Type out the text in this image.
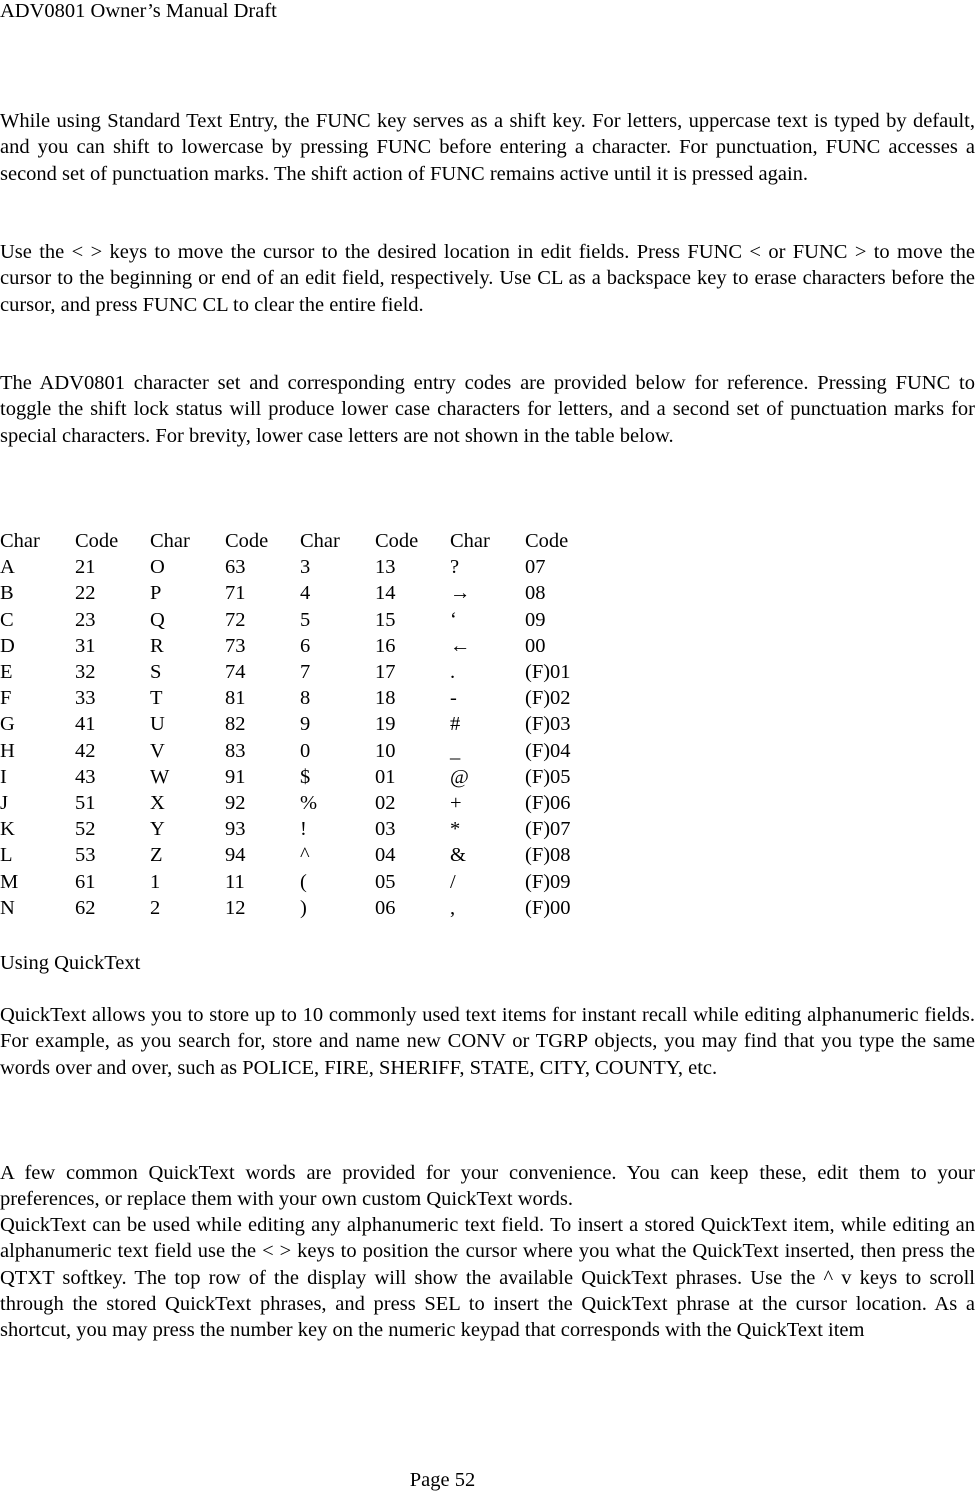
ADV0801 Owner’s Manual Draft

While using Standard Text Entry, the FUNC key serves as a shift key. For letters, uppercase text is typed by default, and you can shift to lowercase by pressing FUNC before entering a character. For punctuation, FUNC accesses a second set of punctuation marks. The shift action of FUNC remains active until it is pressed again.

Use the < > keys to move the cursor to the desired location in edit fields. Press FUNC < or FUNC > to move the cursor to the beginning or end of an edit field, respectively. Use CL as a backspace key to erase characters before the cursor, and press FUNC CL to clear the entire field.

The ADV0801 character set and corresponding entry codes are provided below for reference. Pressing FUNC to toggle the shift lock status will produce lower case characters for letters, and a second set of punctuation marks for special characters. For brevity, lower case letters are not shown in the table below.

Char	Code	Char	Code	Char	Code	Char	Code
A	21	O	63	3	13	?	07
B	22	P	71	4	14	→	08
C	23	Q	72	5	15	‘	09
D	31	R	73	6	16	←	00
E	32	S	74	7	17	.	(F)01
F	33	T	81	8	18	-	(F)02
G	41	U	82	9	19	#	(F)03
H	42	V	83	0	10	_	(F)04
I	43	W	91	$	01	@	(F)05
J	51	X	92	%	02	+	(F)06
K	52	Y	93	!	03	*	(F)07
L	53	Z	94	^	04	&	(F)08
M	61	1	11	(	05	/	(F)09
N	62	2	12	)	06	,	(F)00
Using QuickText

QuickText allows you to store up to 10 commonly used text items for instant recall while editing alphanumeric fields. For example, as you search for, store and name new CONV or TGRP objects, you may find that you type the same words over and over, such as POLICE, FIRE, SHERIFF, STATE, CITY, COUNTY, etc.

A few common QuickText words are provided for your convenience. You can keep these, edit them to your preferences, or replace them with your own custom QuickText words.

QuickText can be used while editing any alphanumeric text field. To insert a stored QuickText item, while editing an alphanumeric text field use the < > keys to position the cursor where you what the QuickText inserted, then press the QTXT softkey. The top row of the display will show the available QuickText phrases. Use the ^ v keys to scroll through the stored QuickText phrases, and press SEL to insert the QuickText phrase at the cursor location. As a shortcut, you may press the number key on the numeric keypad that corresponds with the QuickText item

Page 52
